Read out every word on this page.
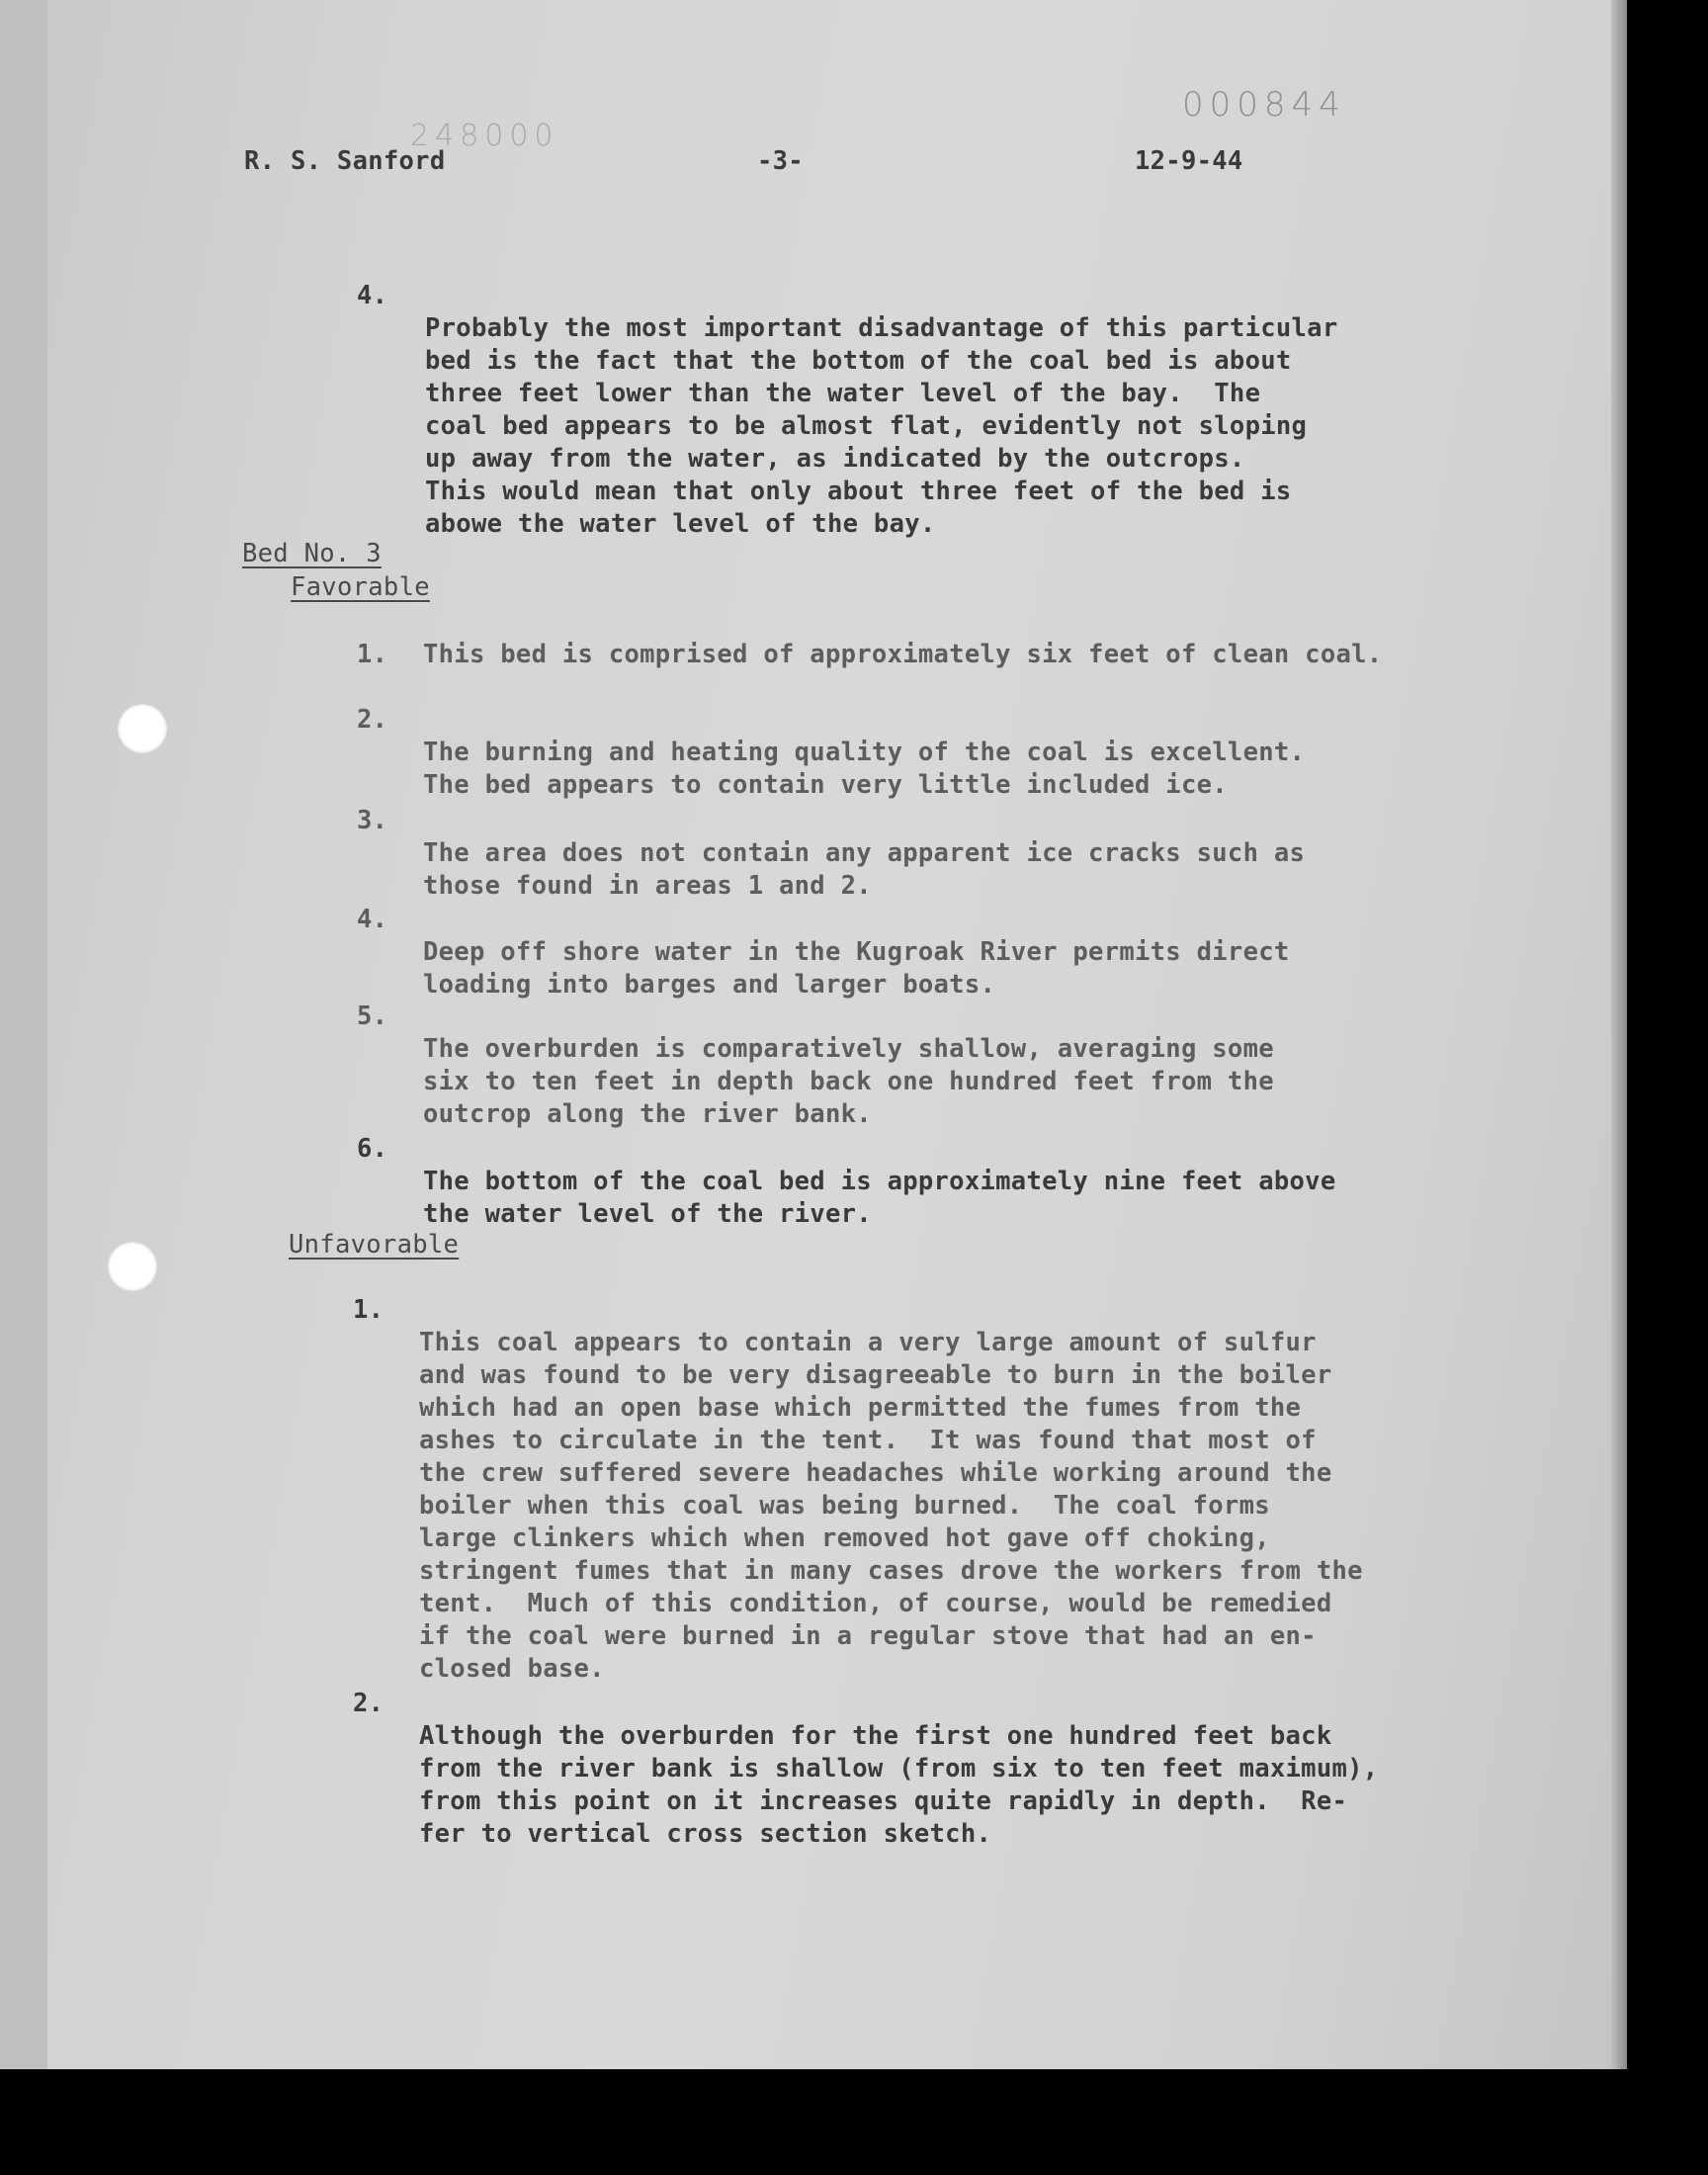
000844
248000
R. S. Sanford	-3-	12-9-44
4.

Probably the most important disadvantage of this particular
bed is the fact that the bottom of the coal bed is about
three feet lower than the water level of the bay.  The
coal bed appears to be almost flat, evidently not sloping
up away from the water, as indicated by the outcrops.
This would mean that only about three feet of the bed is
abowe the water level of the bay.
Bed No. 3
Favorable
1. This bed is comprised of approximately six feet of clean coal.
2.

The burning and heating quality of the coal is excellent.
The bed appears to contain very little included ice.
3.

The area does not contain any apparent ice cracks such as
those found in areas 1 and 2.
4.

Deep off shore water in the Kugroak River permits direct
loading into barges and larger boats.
5.

The overburden is comparatively shallow, averaging some
six to ten feet in depth back one hundred feet from the
outcrop along the river bank.
6.

The bottom of the coal bed is approximately nine feet above
the water level of the river.
Unfavorable
1.

This coal appears to contain a very large amount of sulfur
and was found to be very disagreeable to burn in the boiler
which had an open base which permitted the fumes from the
ashes to circulate in the tent.  It was found that most of
the crew suffered severe headaches while working around the
boiler when this coal was being burned.  The coal forms
large clinkers which when removed hot gave off choking,
stringent fumes that in many cases drove the workers from the
tent.  Much of this condition, of course, would be remedied
if the coal were burned in a regular stove that had an en-
closed base.
2.

Although the overburden for the first one hundred feet back
from the river bank is shallow (from six to ten feet maximum),
from this point on it increases quite rapidly in depth.  Re-
fer to vertical cross section sketch.
